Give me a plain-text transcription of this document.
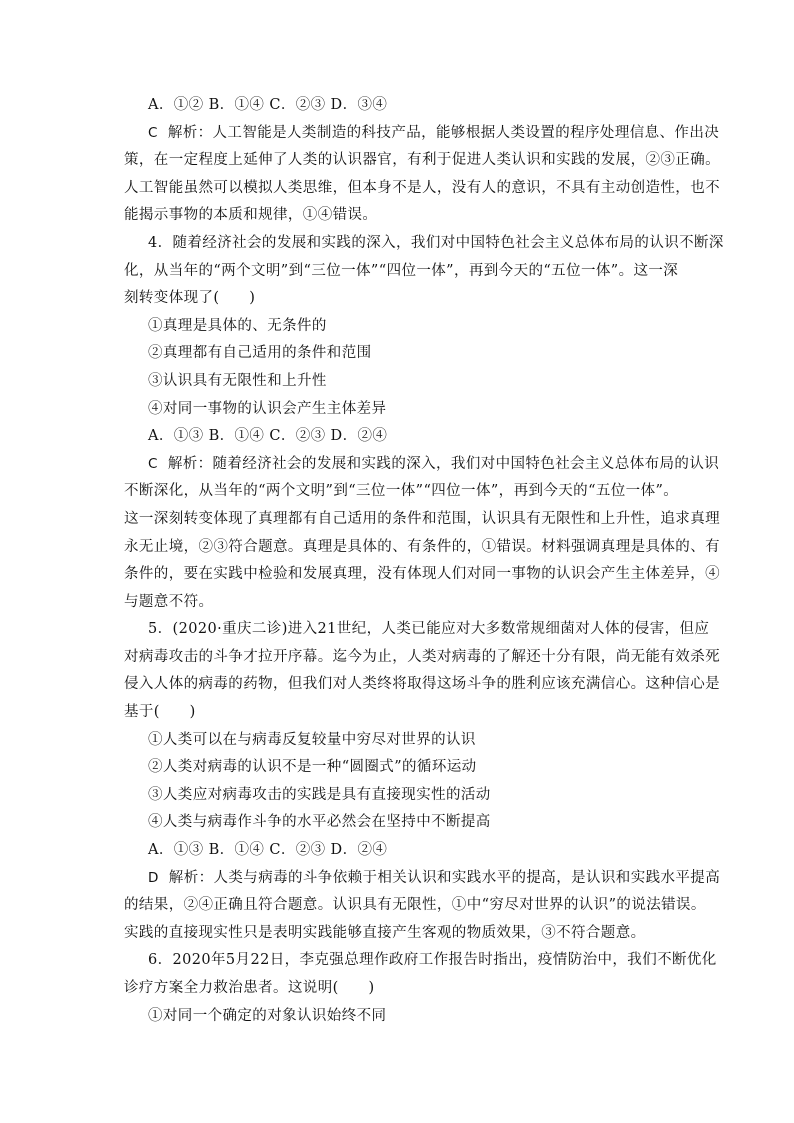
A．①② B．①④ C．②③ D．③④
C 解析：人工智能是人类制造的科技产品，能够根据人类设置的程序处理信息、作出决
策，在一定程度上延伸了人类的认识器官，有利于促进人类认识和实践的发展，②③正确。
人工智能虽然可以模拟人类思维，但本身不是人，没有人的意识，不具有主动创造性，也不
能揭示事物的本质和规律，①④错误。
4．随着经济社会的发展和实践的深入，我们对中国特色社会主义总体布局的认识不断深
化，从当年的“两个文明”到“三位一体”“四位一体”，再到今天的“五位一体”。这一深
刻转变体现了(　　)
①真理是具体的、无条件的
②真理都有自己适用的条件和范围
③认识具有无限性和上升性
④对同一事物的认识会产生主体差异
A．①③ B．①④ C．②③ D．②④
C 解析：随着经济社会的发展和实践的深入，我们对中国特色社会主义总体布局的认识
不断深化，从当年的“两个文明”到“三位一体”“四位一体”，再到今天的“五位一体”。
这一深刻转变体现了真理都有自己适用的条件和范围，认识具有无限性和上升性，追求真理
永无止境，②③符合题意。真理是具体的、有条件的，①错误。材料强调真理是具体的、有
条件的，要在实践中检验和发展真理，没有体现人们对同一事物的认识会产生主体差异，④
与题意不符。
5．(2020·重庆二诊)进入21世纪，人类已能应对大多数常规细菌对人体的侵害，但应
对病毒攻击的斗争才拉开序幕。迄今为止，人类对病毒的了解还十分有限，尚无能有效杀死
侵入人体的病毒的药物，但我们对人类终将取得这场斗争的胜利应该充满信心。这种信心是
基于(　　)
①人类可以在与病毒反复较量中穷尽对世界的认识
②人类对病毒的认识不是一种“圆圈式”的循环运动
③人类应对病毒攻击的实践是具有直接现实性的活动
④人类与病毒作斗争的水平必然会在坚持中不断提高
A．①③ B．①④ C．②③ D．②④
D 解析：人类与病毒的斗争依赖于相关认识和实践水平的提高，是认识和实践水平提高
的结果，②④正确且符合题意。认识具有无限性，①中“穷尽对世界的认识”的说法错误。
实践的直接现实性只是表明实践能够直接产生客观的物质效果，③不符合题意。
6．2020年5月22日，李克强总理作政府工作报告时指出，疫情防治中，我们不断优化
诊疗方案全力救治患者。这说明(　　)
①对同一个确定的对象认识始终不同
